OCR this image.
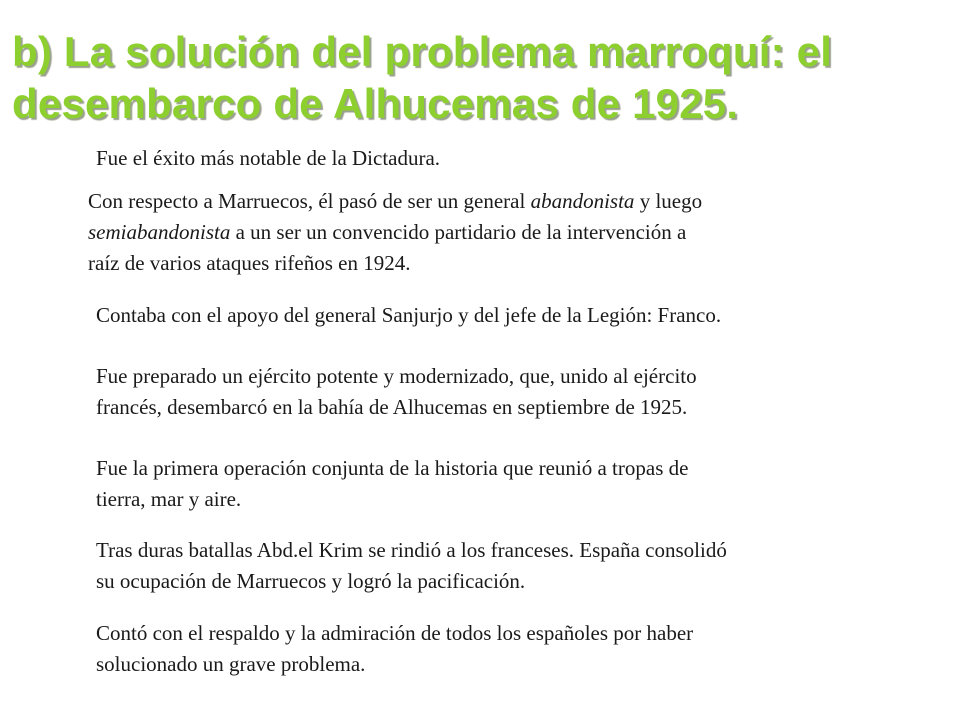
b) La solución del problema marroquí: el
desembarco de Alhucemas de 1925.

Fue el éxito más notable de la Dictadura.

Con respecto a Marruecos, él pasó de ser un general abandonista y luego
semiabandonista a un ser un convencido partidario de la intervención a
raíz de varios ataques rifeños en 1924.

Contaba con el apoyo del general Sanjurjo y del jefe de la Legión: Franco.

Fue preparado un ejército potente y modernizado, que, unido al ejército
francés, desembarcó en la bahía de Alhucemas en septiembre de 1925.

Fue la primera operación conjunta de la historia que reunió a tropas de
tierra, mar y aire.

Tras duras batallas Abd.el Krim se rindió a los franceses. España consolidó
su ocupación de Marruecos y logró la pacificación.

Contó con el respaldo y la admiración de todos los españoles por haber
solucionado un grave problema.
